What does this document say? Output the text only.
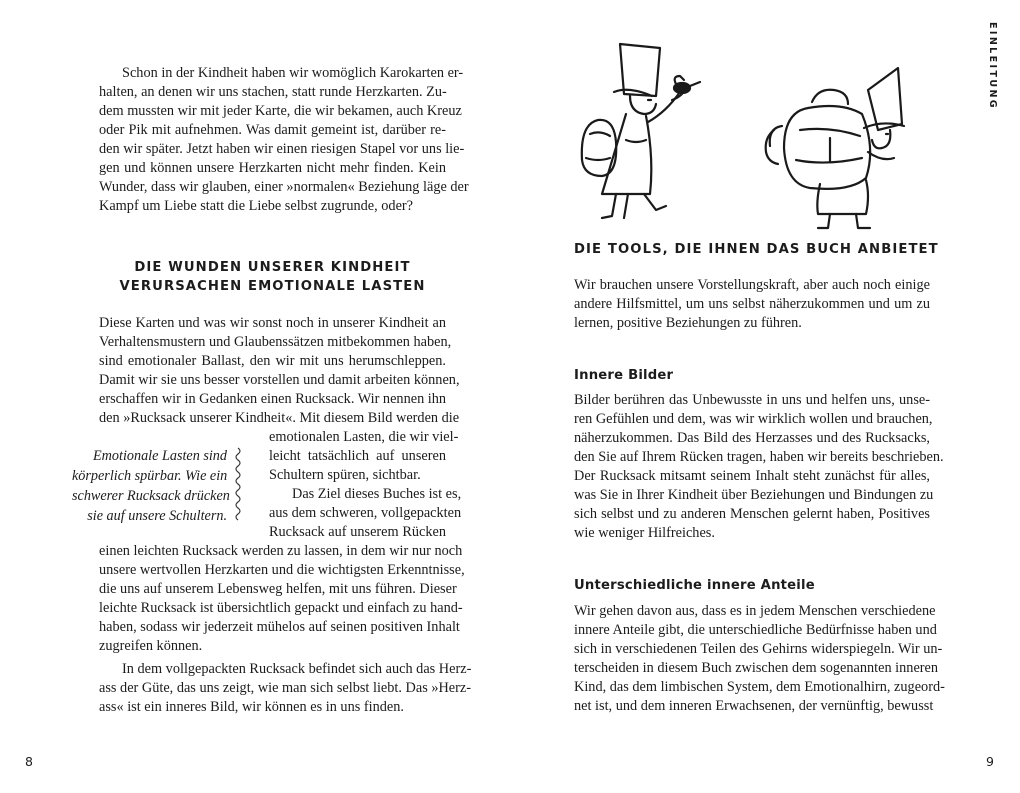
Schon in der Kindheit haben wir womöglich Karokarten er-
halten, an denen wir uns stachen, statt runde Herzkarten. Zu-
dem mussten wir mit jeder Karte, die wir bekamen, auch Kreuz
oder Pik mit aufnehmen. Was damit gemeint ist, darüber re-
den wir später. Jetzt haben wir einen riesigen Stapel vor uns lie-
gen und können unsere Herzkarten nicht mehr finden. Kein
Wunder, dass wir glauben, einer »normalen« Beziehung läge der
Kampf um Liebe statt die Liebe selbst zugrunde, oder?
DIE WUNDEN UNSERER KINDHEIT
VERURSACHEN EMOTIONALE LASTEN
Diese Karten und was wir sonst noch in unserer Kindheit an
Verhaltensmustern und Glaubenssätzen mitbekommen haben,
sind emotionaler Ballast, den wir mit uns herumschleppen.
Damit wir sie uns besser vorstellen und damit arbeiten können,
erschaffen wir in Gedanken einen Rucksack. Wir nennen ihn
den »Rucksack unserer Kindheit«. Mit diesem Bild werden die
emotionalen Lasten, die wir viel-
leicht tatsächlich auf unseren
Schultern spüren, sichtbar.
Das Ziel dieses Buches ist es,
aus dem schweren, vollgepackten
Rucksack auf unserem Rücken
einen leichten Rucksack werden zu lassen, in dem wir nur noch
unsere wertvollen Herzkarten und die wichtigsten Erkenntnisse,
die uns auf unserem Lebensweg helfen, mit uns führen. Dieser
leichte Rucksack ist übersichtlich gepackt und einfach zu hand-
haben, sodass wir jederzeit mühelos auf seinen positiven Inhalt
zugreifen können.
In dem vollgepackten Rucksack befindet sich auch das Herz-
ass der Güte, das uns zeigt, wie man sich selbst liebt. Das »Herz-
ass« ist ein inneres Bild, wir können es in uns finden.
Emotionale Lasten sind
körperlich spürbar. Wie ein
schwerer Rucksack drücken
sie auf unsere Schultern.
8
EINLEITUNG
DIE TOOLS, DIE IHNEN DAS BUCH ANBIETET
Wir brauchen unsere Vorstellungskraft, aber auch noch einige
andere Hilfsmittel, um uns selbst näherzukommen und um zu
lernen, positive Beziehungen zu führen.
Innere Bilder
Bilder berühren das Unbewusste in uns und helfen uns, unse-
ren Gefühlen und dem, was wir wirklich wollen und brauchen,
näherzukommen. Das Bild des Herzasses und des Rucksacks,
den Sie auf Ihrem Rücken tragen, haben wir bereits beschrieben.
Der Rucksack mitsamt seinem Inhalt steht zunächst für alles,
was Sie in Ihrer Kindheit über Beziehungen und Bindungen zu
sich selbst und zu anderen Menschen gelernt haben, Positives
wie weniger Hilfreiches.
Unterschiedliche innere Anteile
Wir gehen davon aus, dass es in jedem Menschen verschiedene
innere Anteile gibt, die unterschiedliche Bedürfnisse haben und
sich in verschiedenen Teilen des Gehirns widerspiegeln. Wir un-
terscheiden in diesem Buch zwischen dem sogenannten inneren
Kind, das dem limbischen System, dem Emotionalhirn, zugeord-
net ist, und dem inneren Erwachsenen, der vernünftig, bewusst
9
